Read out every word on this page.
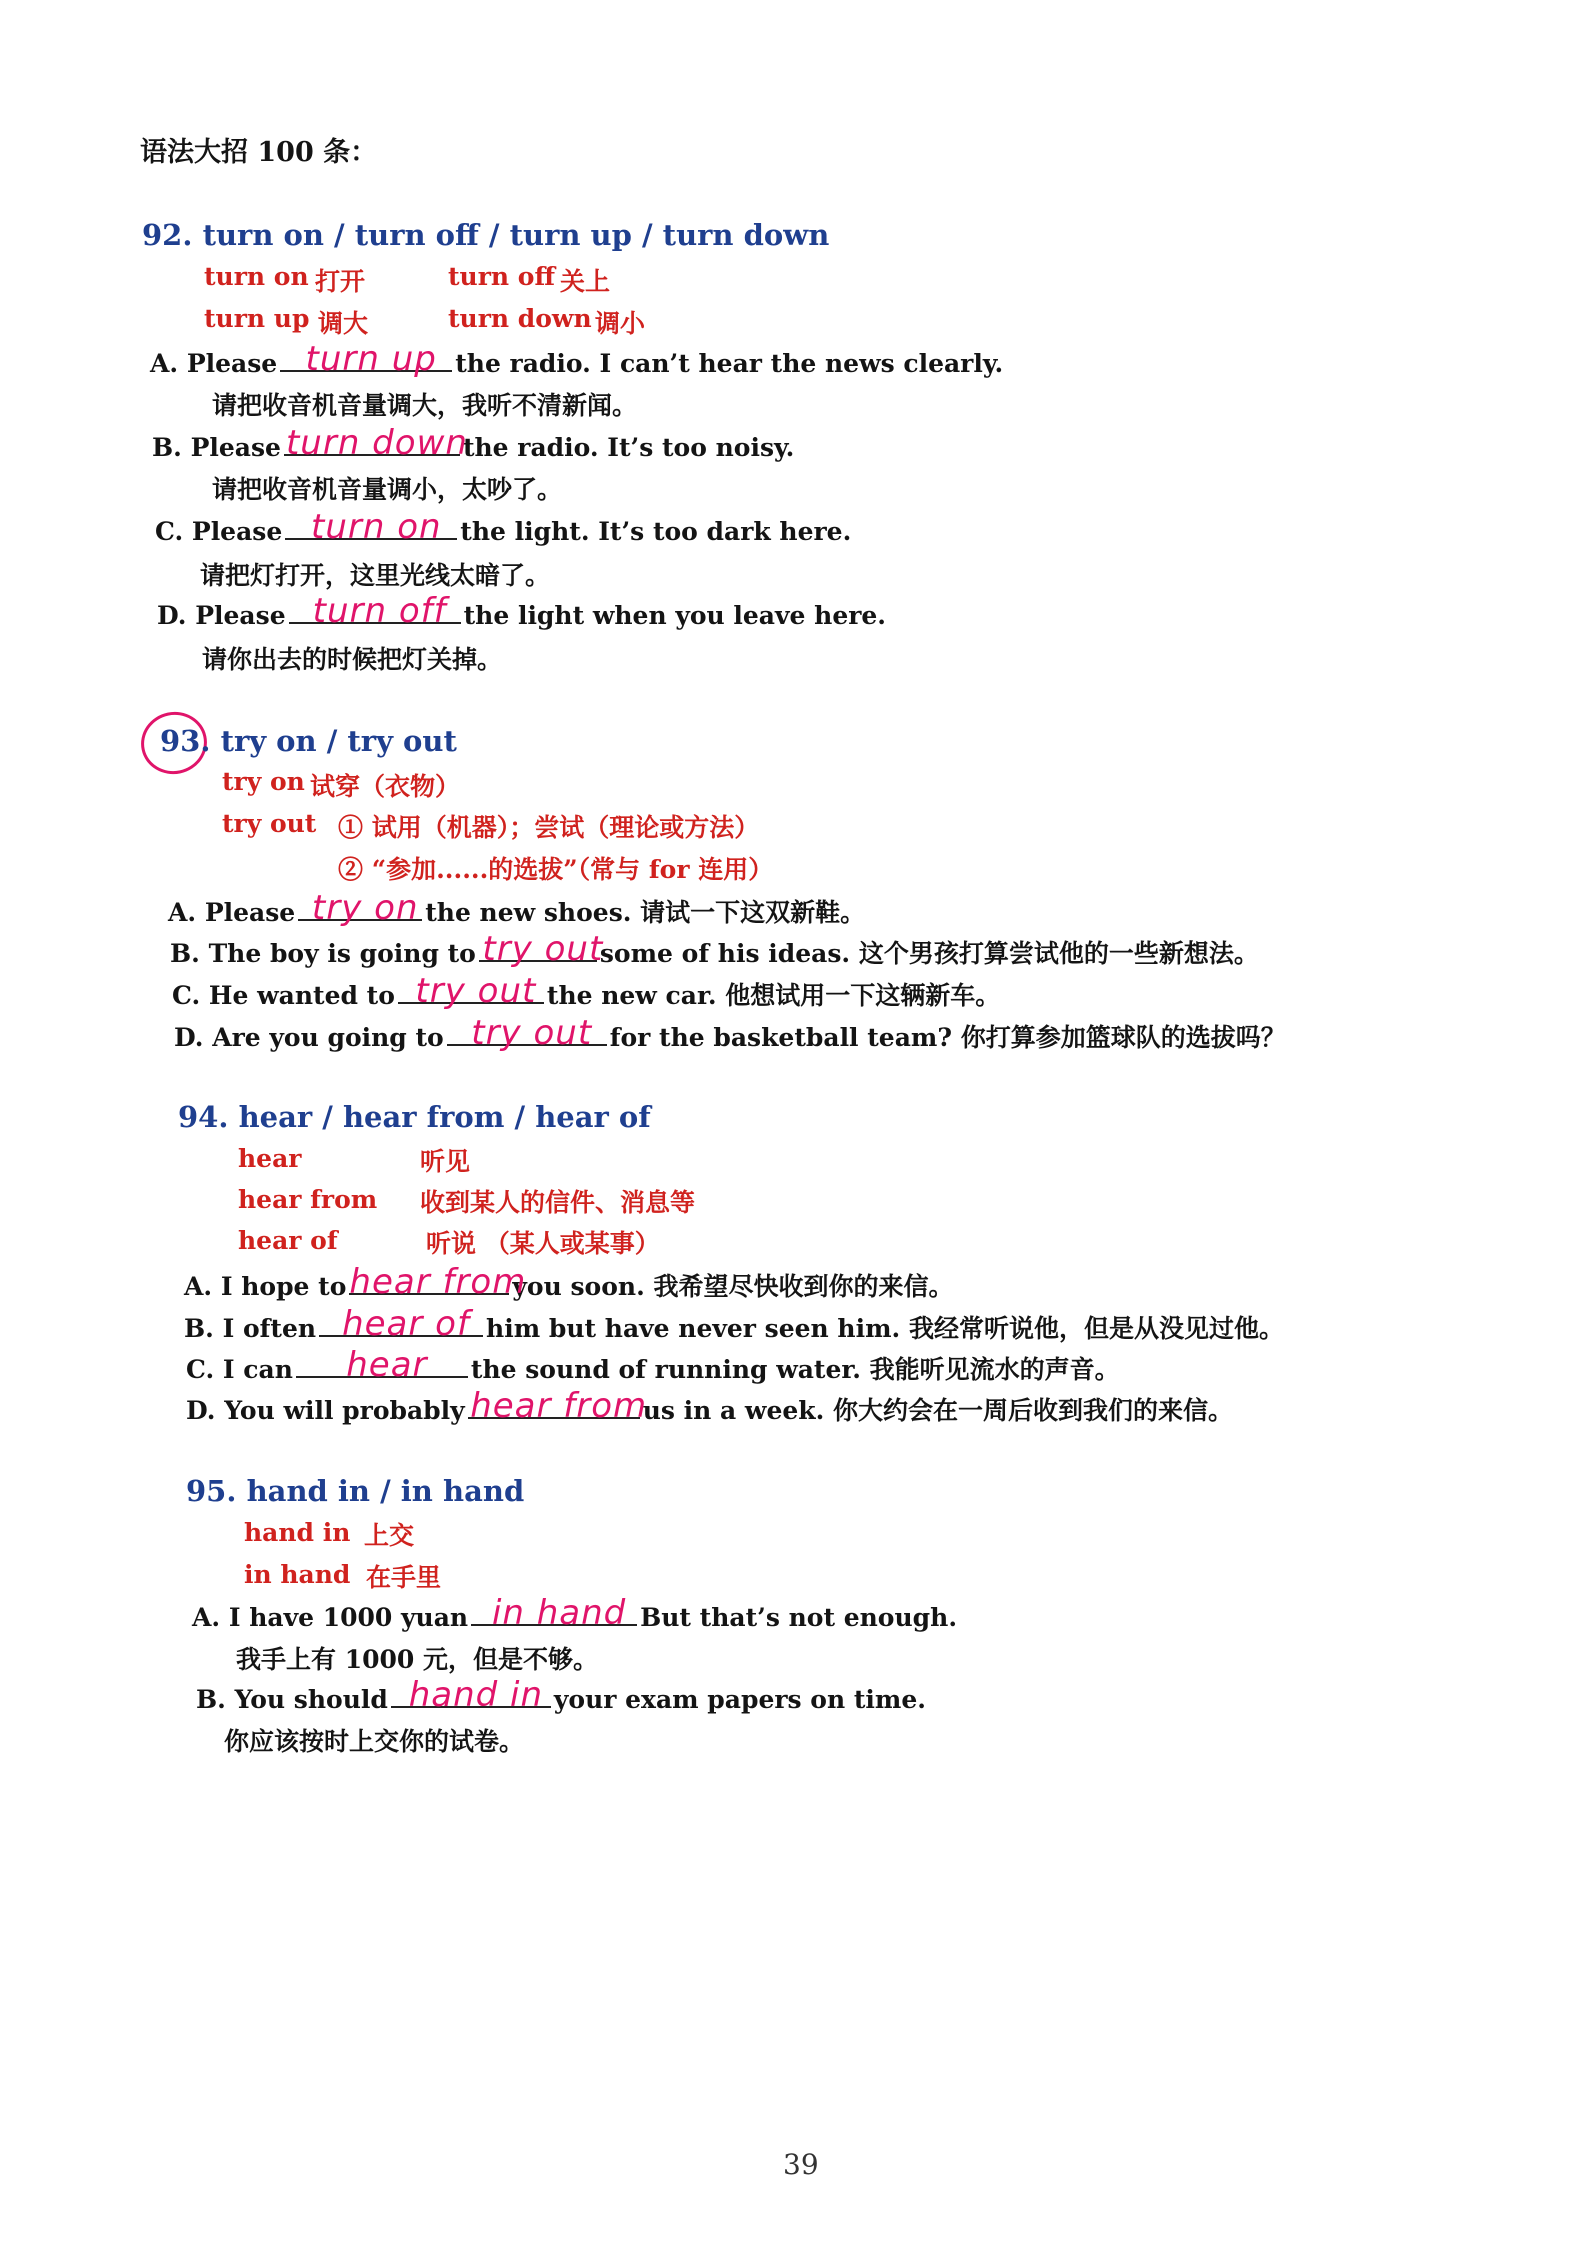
语法大招 100 条：
92. turn on / turn off / turn up / turn down
turn on 打开	turn off 关上
turn up 调大	turn down 调小
A. Please turn up the radio. I can’t hear the news clearly.
请把收音机音量调大，我听不清新闻。
B. Please turn down
the radio. It’s too noisy.
请把收音机音量调小，太吵了。
C. Please turn on the light. It’s too dark here.
请把灯打开，这里光线太暗了。
D. Please turn off the light when you leave here.
请你出去的时候把灯关掉。
93. try on / try out
try on 试穿（衣物）
try out ① 试用（机器）；尝试（理论或方法）
② “参加......的选拔”（常与 for 连用）
A. Please try on the new shoes. 请试一下这双新鞋。
B. The boy is going to try out
some of his ideas. 这个男孩打算尝试他的一些新想法。
C. He wanted to try out the new car. 他想试用一下这辆新车。
D. Are you going to try out for the basketball team? 你打算参加篮球队的选拔吗？
94. hear / hear from / hear of
hear	听见
hear from 收到某人的信件、消息等
hear of	听说 （某人或某事）
A. I hope to hear from
you soon. 我希望尽快收到你的来信。
B. I often hear of him but have never seen him. 我经常听说他，但是从没见过他。
C. I can	hear	the sound of running water. 我能听见流水的声音。
D. You will probably hear from
us in a week. 你大约会在一周后收到我们的来信。
95. hand in / in hand
hand in 上交
in hand 在手里
A. I have 1000 yuan in hand But that’s not enough.
我手上有 1000 元，但是不够。
B. You should hand in your exam papers on time.
你应该按时上交你的试卷。
39
